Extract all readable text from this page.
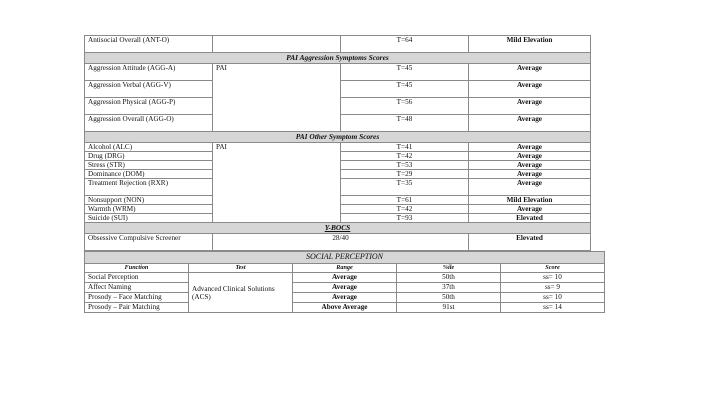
Antisocial Overall (ANT-O)		T=64	Mild Elevation
PAI Aggression Symptoms Scores			
Aggression Attitude (AGG-A)	PAI	T=45	Average
Aggression Verbal (AGG-V)		T=45	Average
Aggression Physical (AGG-P)		T=56	Average
Aggression Overall (AGG-O)		T=48	Average
PAI Other Symptom Scores			
Alcohol (ALC)	PAI	T=41	Average
Drug (DRG)		T=42	Average
Stress (STR)		T=53	Average
Dominance (DOM)		T=29	Average
Treatment Rejection (RXR)		T=35	Average
Nonsupport (NON)		T=61	Mild Elevation
Warmth (WRM)		T=42	Average
Suicide (SUI)		T=93	Elevated
Y-BOCS			
Obsessive Compulsive Screener	28/40		Elevated
SOCIAL PERCEPTION				
Function	Test	Range	%ile	Score
Social Perception	Advanced Clinical Solutions (ACS)	Average	50th	ss= 10
Affect Naming		Average	37th	ss= 9

Prosody – Face Matching		Average	50th	ss= 10

Prosody – Pair Matching		Above Average	91st	ss= 14
